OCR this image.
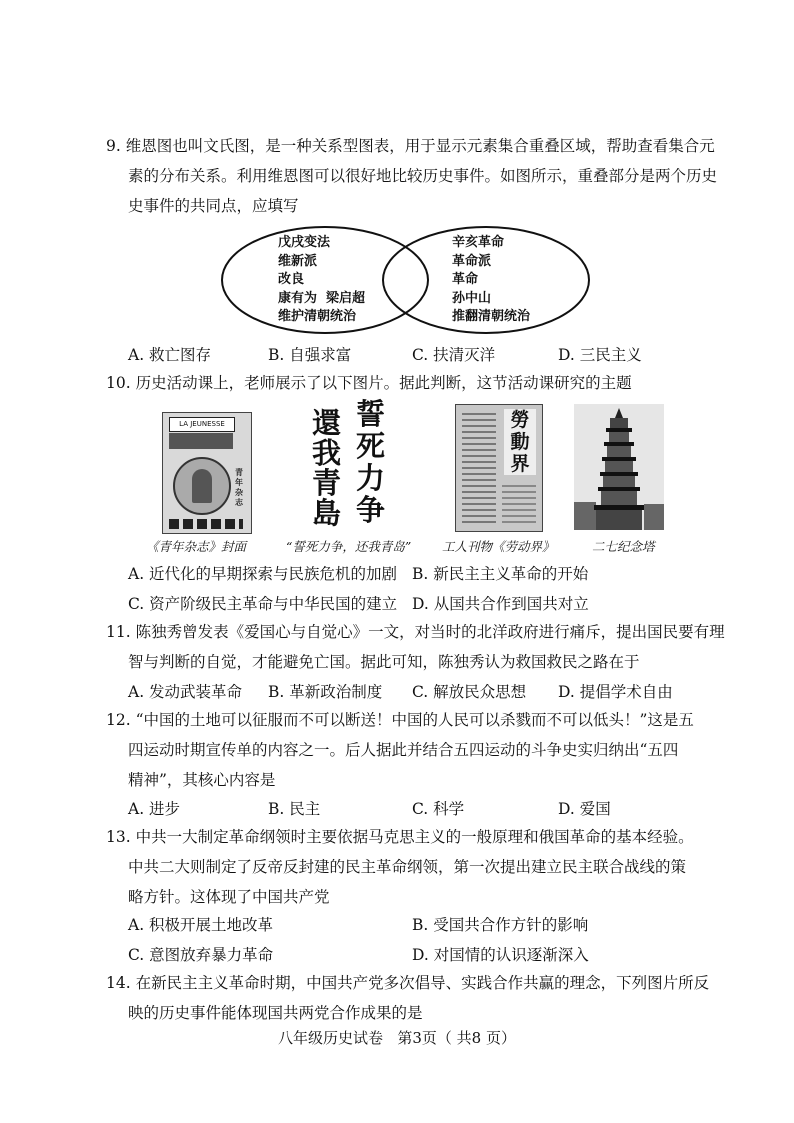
9. 维恩图也叫文氏图，是一种关系型图表，用于显示元素集合重叠区域，帮助查看集合元
素的分布关系。利用维恩图可以很好地比较历史事件。如图所示，重叠部分是两个历史
史事件的共同点，应填写
戊戌变法
维新派
改良
康有为  梁启超
维护清朝统治
辛亥革命
革命派
革命
孙中山
推翻清朝统治
A. 救亡图存	B. 自强求富	C. 扶清灭洋	D. 三民主义
10. 历史活动课上，老师展示了以下图片。据此判断，这节活动课研究的主题
LA JEUNESSE
青年杂志
誓死力争
還我青島
勞動界
《青年杂志》封面	“誓死力争，还我青岛” 工人刊物《劳动界》	二七纪念塔
A. 近代化的早期探索与民族危机的加剧 B. 新民主主义革命的开始
C. 资产阶级民主革命与中华民国的建立 D. 从国共合作到国共对立
11. 陈独秀曾发表《爱国心与自觉心》一文，对当时的北洋政府进行痛斥，提出国民要有理
智与判断的自觉，才能避免亡国。据此可知，陈独秀认为救国救民之路在于
A. 发动武装革命 B. 革新政治制度 C. 解放民众思想 D. 提倡学术自由
12. “中国的土地可以征服而不可以断送！中国的人民可以杀戮而不可以低头！”这是五
四运动时期宣传单的内容之一。后人据此并结合五四运动的斗争史实归纳出“五四
精神”，其核心内容是
A. 进步	B. 民主	C. 科学	D. 爱国
13. 中共一大制定革命纲领时主要依据马克思主义的一般原理和俄国革命的基本经验。
中共二大则制定了反帝反封建的民主革命纲领，第一次提出建立民主联合战线的策
略方针。这体现了中国共产党
A. 积极开展土地改革	B. 受国共合作方针的影响
C. 意图放弃暴力革命	D. 对国情的认识逐渐深入
14. 在新民主主义革命时期，中国共产党多次倡导、实践合作共赢的理念，下列图片所反
映的历史事件能体现国共两党合作成果的是
八年级历史试卷   第3页（ 共8 页）
